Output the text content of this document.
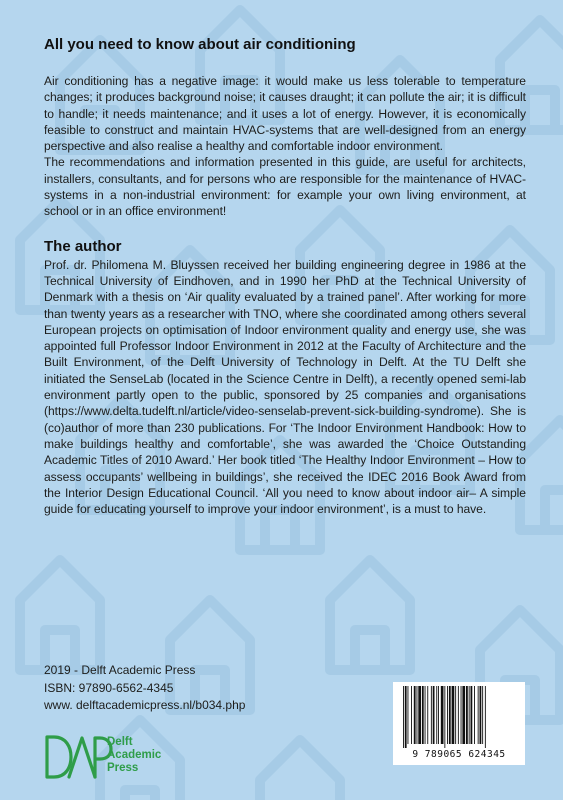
All you need to know about air conditioning

Air conditioning has a negative image: it would make us less tolerable to temperature changes; it produces background noise; it causes draught; it can pollute the air; it is difficult to handle; it needs maintenance; and it uses a lot of energy. However, it is economically feasible to construct and maintain HVAC-systems that are well-designed from an energy perspective and also realise a healthy and comfortable indoor environment.

The recommendations and information presented in this guide, are useful for architects, installers, consultants, and for persons who are responsible for the maintenance of HVAC-systems in a non-industrial environment: for example your own living environment, at school or in an office environment!

The author

Prof. dr. Philomena M. Bluyssen received her building engineering degree in 1986 at the Technical University of Eindhoven, and in 1990 her PhD at the Technical University of Denmark with a thesis on ‘Air quality evaluated by a trained panel’. After working for more than twenty years as a researcher with TNO, where she coordinated among others several European projects on optimisation of Indoor environment quality and energy use, she was appointed full Professor Indoor Environment in 2012 at the Faculty of Architecture and the Built Environment, of the Delft University of Technology in Delft. At the TU Delft she initiated the SenseLab (located in the Science Centre in Delft), a recently opened semi-lab environment partly open to the public, sponsored by 25 companies and organisations (https://www.delta.tudelft.nl/article/video-senselab-prevent-sick-building-syndrome). She is (co)author of more than 230 publications. For ‘The Indoor Environment Handbook: How to make buildings healthy and comfortable’, she was awarded the ‘Choice Outstanding Academic Titles of 2010 Award.’ Her book titled ‘The Healthy Indoor Environment – How to assess occupants’ wellbeing in buildings’, she received the IDEC 2016 Book Award from the Interior Design Educational Council. ‘All you need to know about indoor air– A simple guide for educating yourself to improve your indoor environment’, is a must to have.

2019 - Delft Academic Press
ISBN: 97890-6562-4345
www. delftacademicpress.nl/b034.php
Delft
Academic
Press
9 789065 624345
